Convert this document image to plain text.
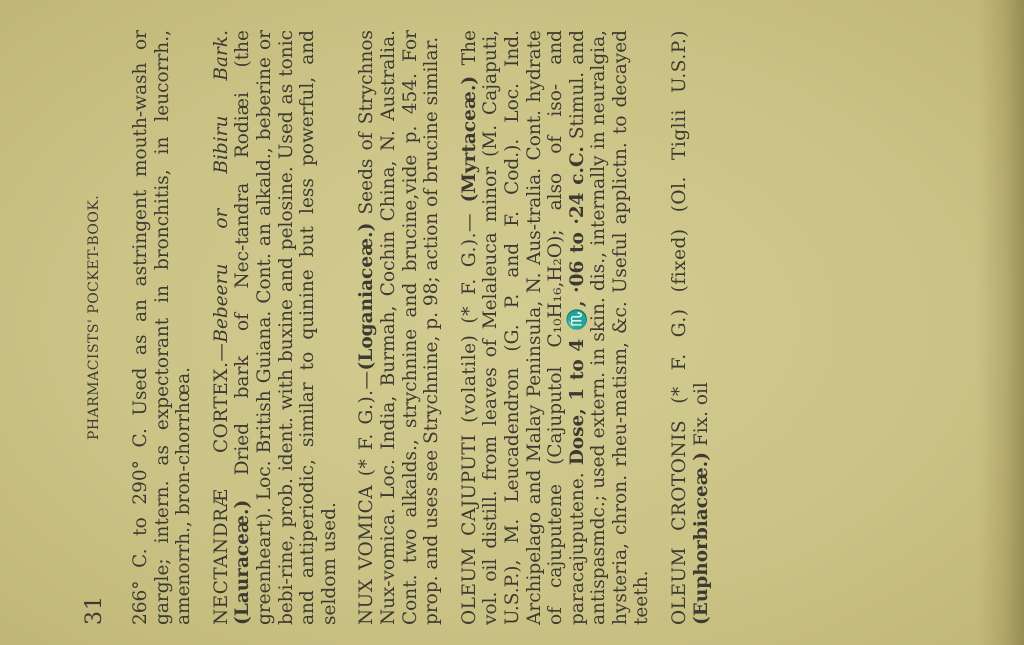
31
PHARMACISTS' POCKET-BOOK. 266° C. to 290° C. Used as an astringent mouth-wash or gargle; intern. as expectorant in bronchitis, in leucorrh., amenorrh., bron-chorrhœa. NECTANDRÆ CORTEX.—Bebeeru or Bibiru Bark. (Lauraceæ.) Dried bark of Nec-tandra Rodiæi (the greenheart). Loc. British Guiana. Cont. an alkald., beberine or bebi-rine, prob. ident. with buxine and pelosine. Used as tonic and antiperiodic, similar to quinine but less powerful, and seldom used. NUX VOMICA (* F. G.).—(Loganiaceæ.) Seeds of Strychnos Nux-vomica. Loc. India, Burmah, Cochin China, N. Australia. Cont. two alkalds., strychnine and brucine,vide p. 454. For prop. and uses see Strychnine, p. 98; action of brucine similar. OLEUM CAJUPUTI (volatile) (* F. G.).— (Myrtaceæ.) The vol. oil distill. from leaves of Melaleuca minor (M. Cajaputi, U.S.P.), M. Leucadendron (G. P. and F. Cod.). Loc. Ind. Archipelago and Malay Peninsula, N. Aus-tralia. Cont. hydrate of cajuputene (Cajuputol C₁₀H₁₆,H₂O); also of iso- and paracajuputene. Dose, 1 to 4 ♏, ·06 to ·24 c.C. Stimul. and antispasmdc.; used extern. in skin. dis., internally in neuralgia, hysteria, chron. rheu-matism, &c. Useful applictn. to decayed teeth. OLEUM CROTONIS (* F. G.) (fixed) (Ol. Tiglii U.S.P.) (Euphorbiaceæ.) Fix. oil
